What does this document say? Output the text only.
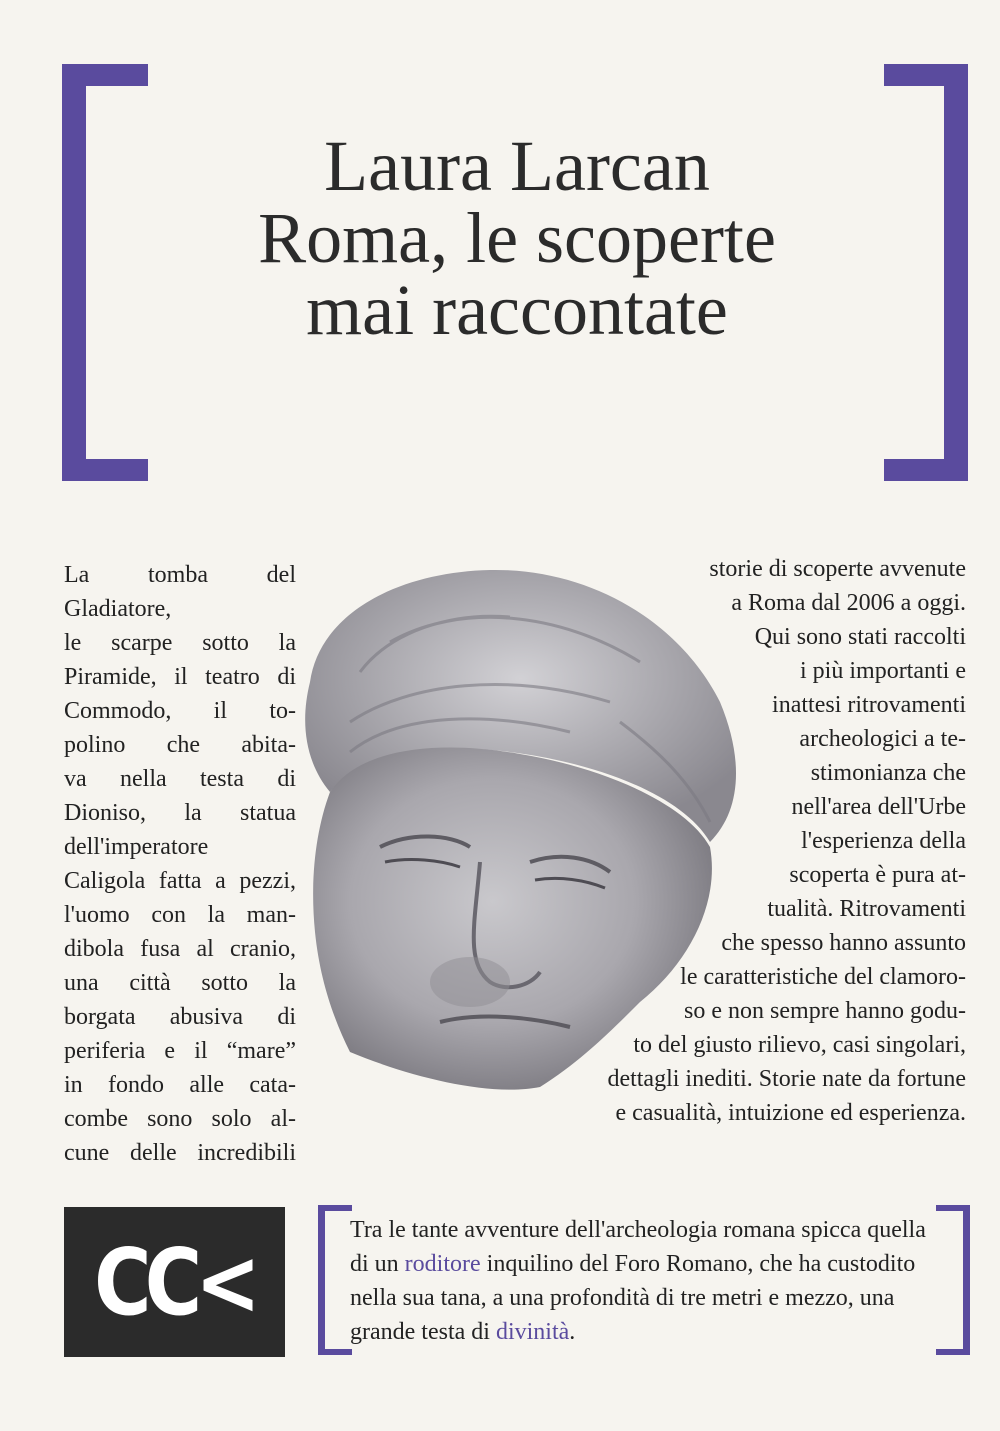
Laura Larcan
Roma, le scoperte
mai raccontate
La tomba del Gladiatore,
le scarpe sotto la
Piramide, il teatro di
Commodo, il to-
polino che abita-
va nella testa di
Dioniso, la statua
dell'imperatore
Caligola fatta a pezzi,
l'uomo con la man-
dibola fusa al cranio,
una città sotto la
borgata abusiva di
periferia e il “mare”
in fondo alle cata-
combe sono solo al-
cune delle incredibili
storie di scoperte avvenute
a Roma dal 2006 a oggi.
Qui sono stati raccolti
i più importanti e
inattesi ritrovamenti
archeologici a te-
stimonianza che
nell'area dell'Urbe
l'esperienza della
scoperta è pura at-
tualità. Ritrovamenti
che spesso hanno assunto
le caratteristiche del clamoro-
so e non sempre hanno godu-
to del giusto rilievo, casi singolari,
dettagli inediti. Storie nate da fortune
e casualità, intuizione ed esperienza.
CC<	Tra le tante avventure dell'archeologia romana spicca quella di un roditore inquilino del Foro Romano, che ha custodito nella sua tana, a una profondità di tre metri e mezzo, una grande testa di divinità.
